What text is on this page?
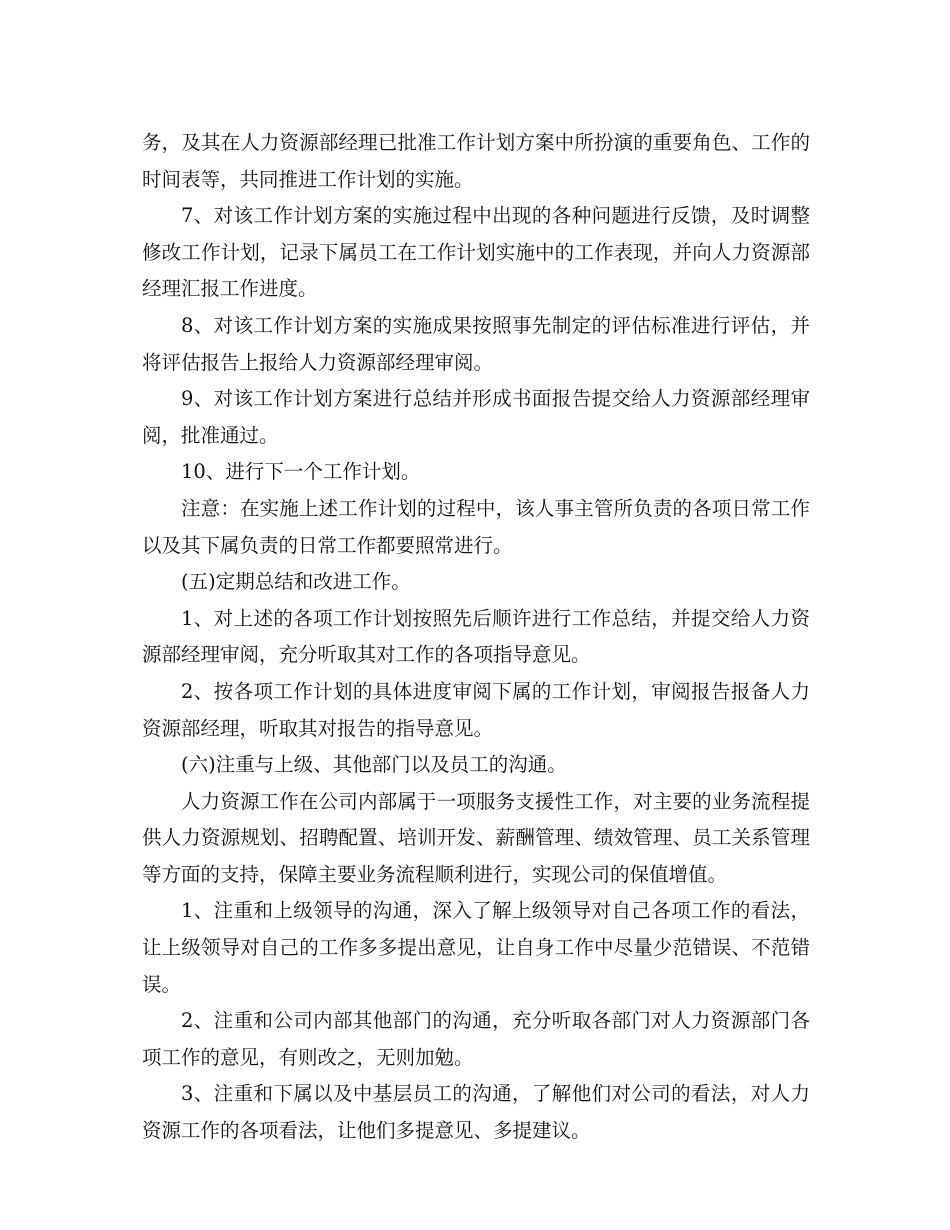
务，及其在人力资源部经理已批准工作计划方案中所扮演的重要角色、工作的时间表等，共同推进工作计划的实施。

7、对该工作计划方案的实施过程中出现的各种问题进行反馈，及时调整修改工作计划，记录下属员工在工作计划实施中的工作表现，并向人力资源部经理汇报工作进度。

8、对该工作计划方案的实施成果按照事先制定的评估标准进行评估，并将评估报告上报给人力资源部经理审阅。

9、对该工作计划方案进行总结并形成书面报告提交给人力资源部经理审阅，批准通过。

10、进行下一个工作计划。

注意：在实施上述工作计划的过程中，该人事主管所负责的各项日常工作以及其下属负责的日常工作都要照常进行。

(五)定期总结和改进工作。

1、对上述的各项工作计划按照先后顺许进行工作总结，并提交给人力资源部经理审阅，充分听取其对工作的各项指导意见。

2、按各项工作计划的具体进度审阅下属的工作计划，审阅报告报备人力资源部经理，听取其对报告的指导意见。

(六)注重与上级、其他部门以及员工的沟通。

人力资源工作在公司内部属于一项服务支援性工作，对主要的业务流程提供人力资源规划、招聘配置、培训开发、薪酬管理、绩效管理、员工关系管理等方面的支持，保障主要业务流程顺利进行，实现公司的保值增值。

1、注重和上级领导的沟通，深入了解上级领导对自己各项工作的看法，让上级领导对自己的工作多多提出意见，让自身工作中尽量少范错误、不范错误。

2、注重和公司内部其他部门的沟通，充分听取各部门对人力资源部门各项工作的意见，有则改之，无则加勉。

3、注重和下属以及中基层员工的沟通，了解他们对公司的看法，对人力资源工作的各项看法，让他们多提意见、多提建议。
